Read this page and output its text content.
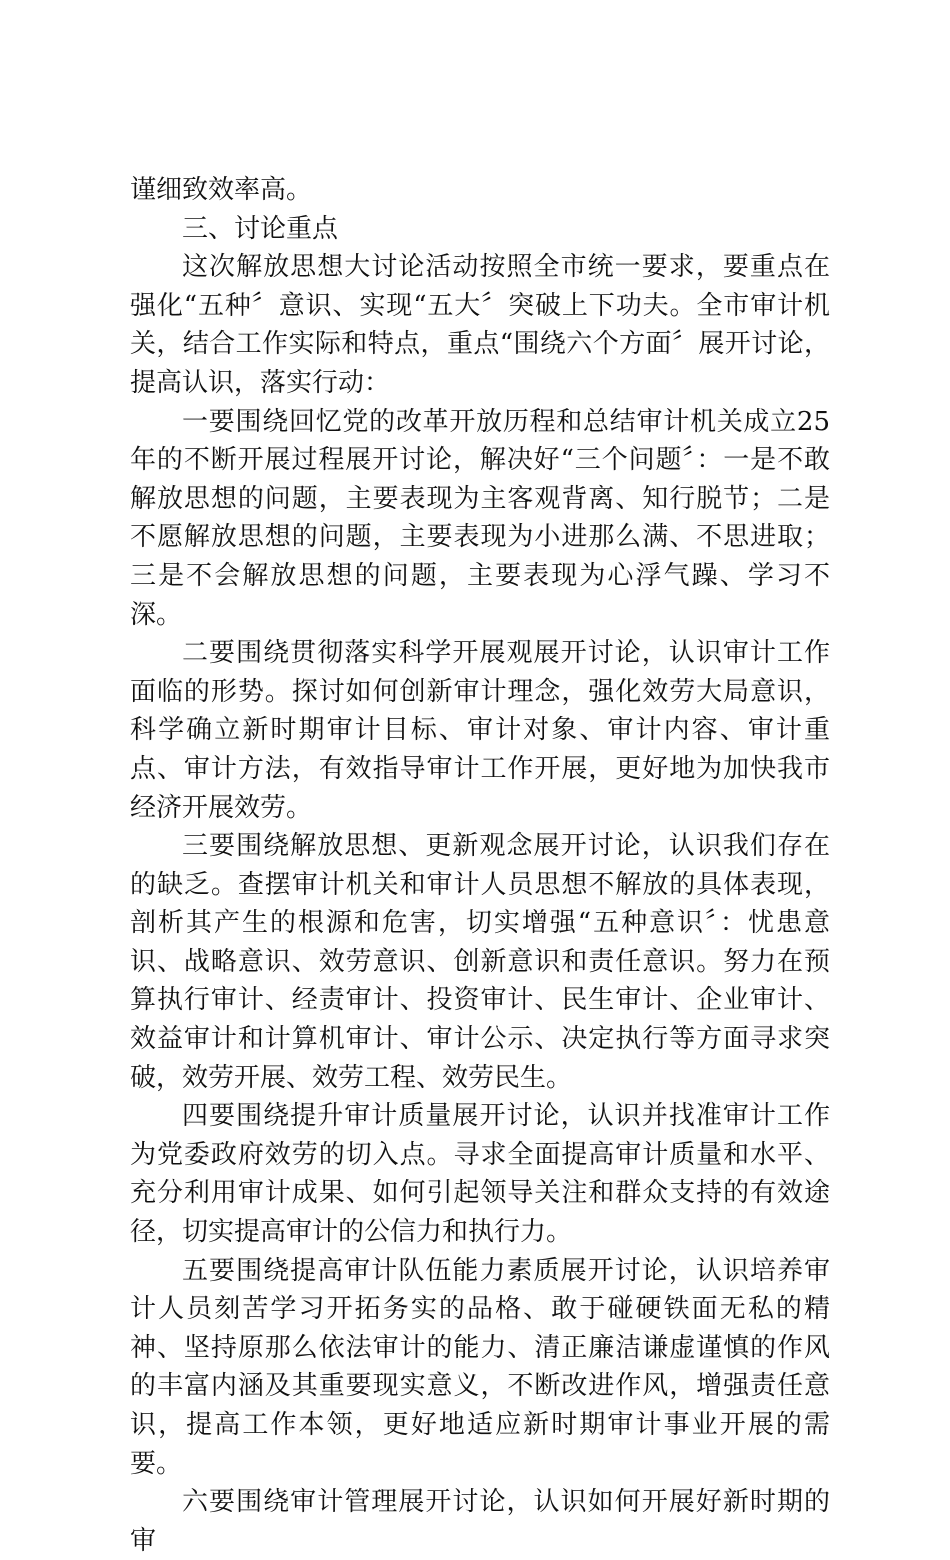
谨细致效率高。

三、讨论重点

这次解放思想大讨论活动按照全市统一要求，要重点在强化“五种〞意识、实现“五大〞突破上下功夫。全市审计机关，结合工作实际和特点，重点“围绕六个方面〞展开讨论，提高认识，落实行动：

一要围绕回忆党的改革开放历程和总结审计机关成立25年的不断开展过程展开讨论，解决好“三个问题〞：一是不敢解放思想的问题，主要表现为主客观背离、知行脱节；二是不愿解放思想的问题，主要表现为小进那么满、不思进取；三是不会解放思想的问题，主要表现为心浮气躁、学习不深。

二要围绕贯彻落实科学开展观展开讨论，认识审计工作面临的形势。探讨如何创新审计理念，强化效劳大局意识，科学确立新时期审计目标、审计对象、审计内容、审计重点、审计方法，有效指导审计工作开展，更好地为加快我市经济开展效劳。

三要围绕解放思想、更新观念展开讨论，认识我们存在的缺乏。查摆审计机关和审计人员思想不解放的具体表现，剖析其产生的根源和危害，切实增强“五种意识〞：忧患意识、战略意识、效劳意识、创新意识和责任意识。努力在预算执行审计、经责审计、投资审计、民生审计、企业审计、效益审计和计算机审计、审计公示、决定执行等方面寻求突破，效劳开展、效劳工程、效劳民生。

四要围绕提升审计质量展开讨论，认识并找准审计工作为党委政府效劳的切入点。寻求全面提高审计质量和水平、充分利用审计成果、如何引起领导关注和群众支持的有效途径，切实提高审计的公信力和执行力。

五要围绕提高审计队伍能力素质展开讨论，认识培养审计人员刻苦学习开拓务实的品格、敢于碰硬铁面无私的精神、坚持原那么依法审计的能力、清正廉洁谦虚谨慎的作风的丰富内涵及其重要现实意义，不断改进作风，增强责任意识，提高工作本领，更好地适应新时期审计事业开展的需要。

六要围绕审计管理展开讨论，认识如何开展好新时期的审
